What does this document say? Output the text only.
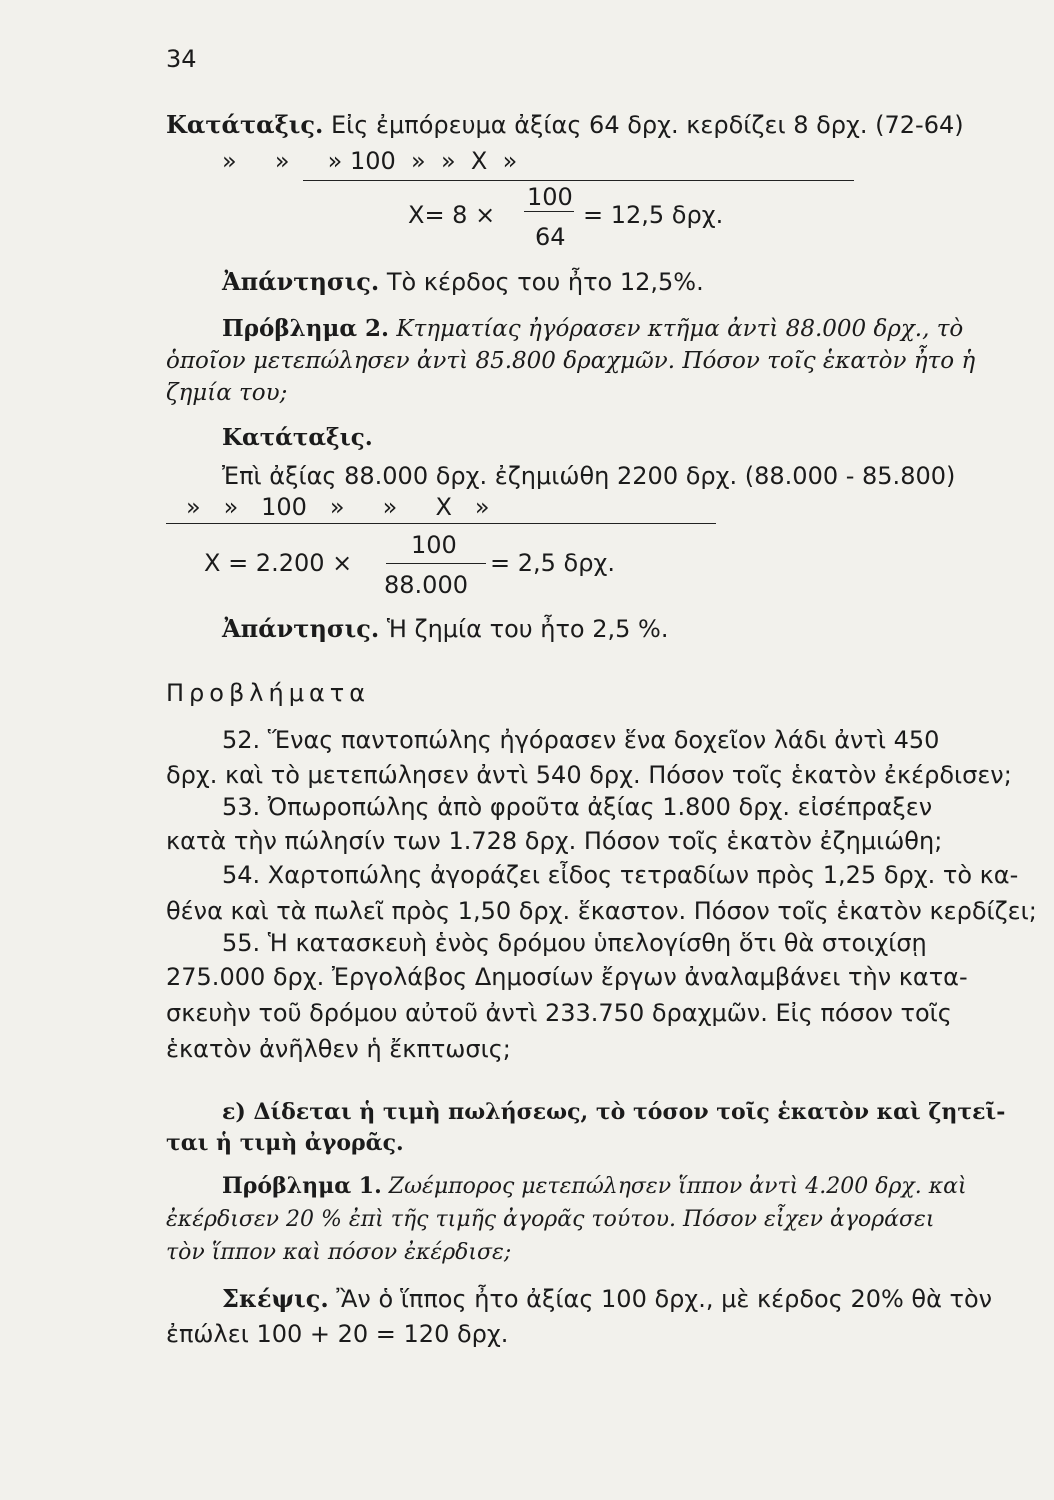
34
Κατάταξις. Εἰς ἐμπόρευμα ἀξίας 64 δρχ. κερδίζει 8 δρχ. (72-64)
»     »     » 100  »  »  X  »
X= 8 ×
100
64
= 12,5 δρχ.
Ἀπάντησις. Τὸ κέρδος του ἦτο 12,5%.
Πρόβλημα 2. Κτηματίας ἠγόρασεν κτῆμα ἀντὶ 88.000 δρχ., τὸ
ὁποῖον μετεπώλησεν ἀντὶ 85.800 δραχμῶν. Πόσον τοῖς ἑκατὸν ἦτο ἡ
ζημία του;
Κατάταξις.
Ἐπὶ ἀξίας 88.000 δρχ. ἐζημιώθη 2200 δρχ. (88.000 - 85.800)
»   »   100   »     »     X   »
X = 2.200 ×
100
88.000
= 2,5 δρχ.
Ἀπάντησις. Ἡ ζημία του ἦτο 2,5 %.
Προβλήματα
52. Ἕνας παντοπώλης ἠγόρασεν ἕνα δοχεῖον λάδι ἀντὶ 450
δρχ. καὶ τὸ μετεπώλησεν ἀντὶ 540 δρχ. Πόσον τοῖς ἑκατὸν ἐκέρδισεν;
53. Ὀπωροπώλης ἀπὸ φροῦτα ἀξίας 1.800 δρχ. εἰσέπραξεν
κατὰ τὴν πώλησίν των 1.728 δρχ. Πόσον τοῖς ἑκατὸν ἐζημιώθη;
54. Χαρτοπώλης ἀγοράζει εἶδος τετραδίων πρὸς 1,25 δρχ. τὸ κα-
θένα καὶ τὰ πωλεῖ πρὸς 1,50 δρχ. ἕκαστον. Πόσον τοῖς ἑκατὸν κερδίζει;
55. Ἡ κατασκευὴ ἑνὸς δρόμου ὑπελογίσθη ὅτι θὰ στοιχίσῃ
275.000 δρχ. Ἐργολάβος Δημοσίων ἔργων ἀναλαμβάνει τὴν κατα-
σκευὴν τοῦ δρόμου αὐτοῦ ἀντὶ 233.750 δραχμῶν. Εἰς πόσον τοῖς
ἑκατὸν ἀνῆλθεν ἡ ἔκπτωσις;
ε) Δίδεται ἡ τιμὴ πωλήσεως, τὸ τόσον τοῖς ἑκατὸν καὶ ζητεῖ-
ται ἡ τιμὴ ἀγορᾶς.
Πρόβλημα 1. Ζωέμπορος μετεπώλησεν ἵππον ἀντὶ 4.200 δρχ. καὶ
ἐκέρδισεν 20 % ἐπὶ τῆς τιμῆς ἀγορᾶς τούτου. Πόσον εἶχεν ἀγοράσει
τὸν ἵππον καὶ πόσον ἐκέρδισε;
Σκέψις. Ἂν ὁ ἵππος ἦτο ἀξίας 100 δρχ., μὲ κέρδος 20% θὰ τὸν
ἐπώλει 100 + 20 = 120 δρχ.
